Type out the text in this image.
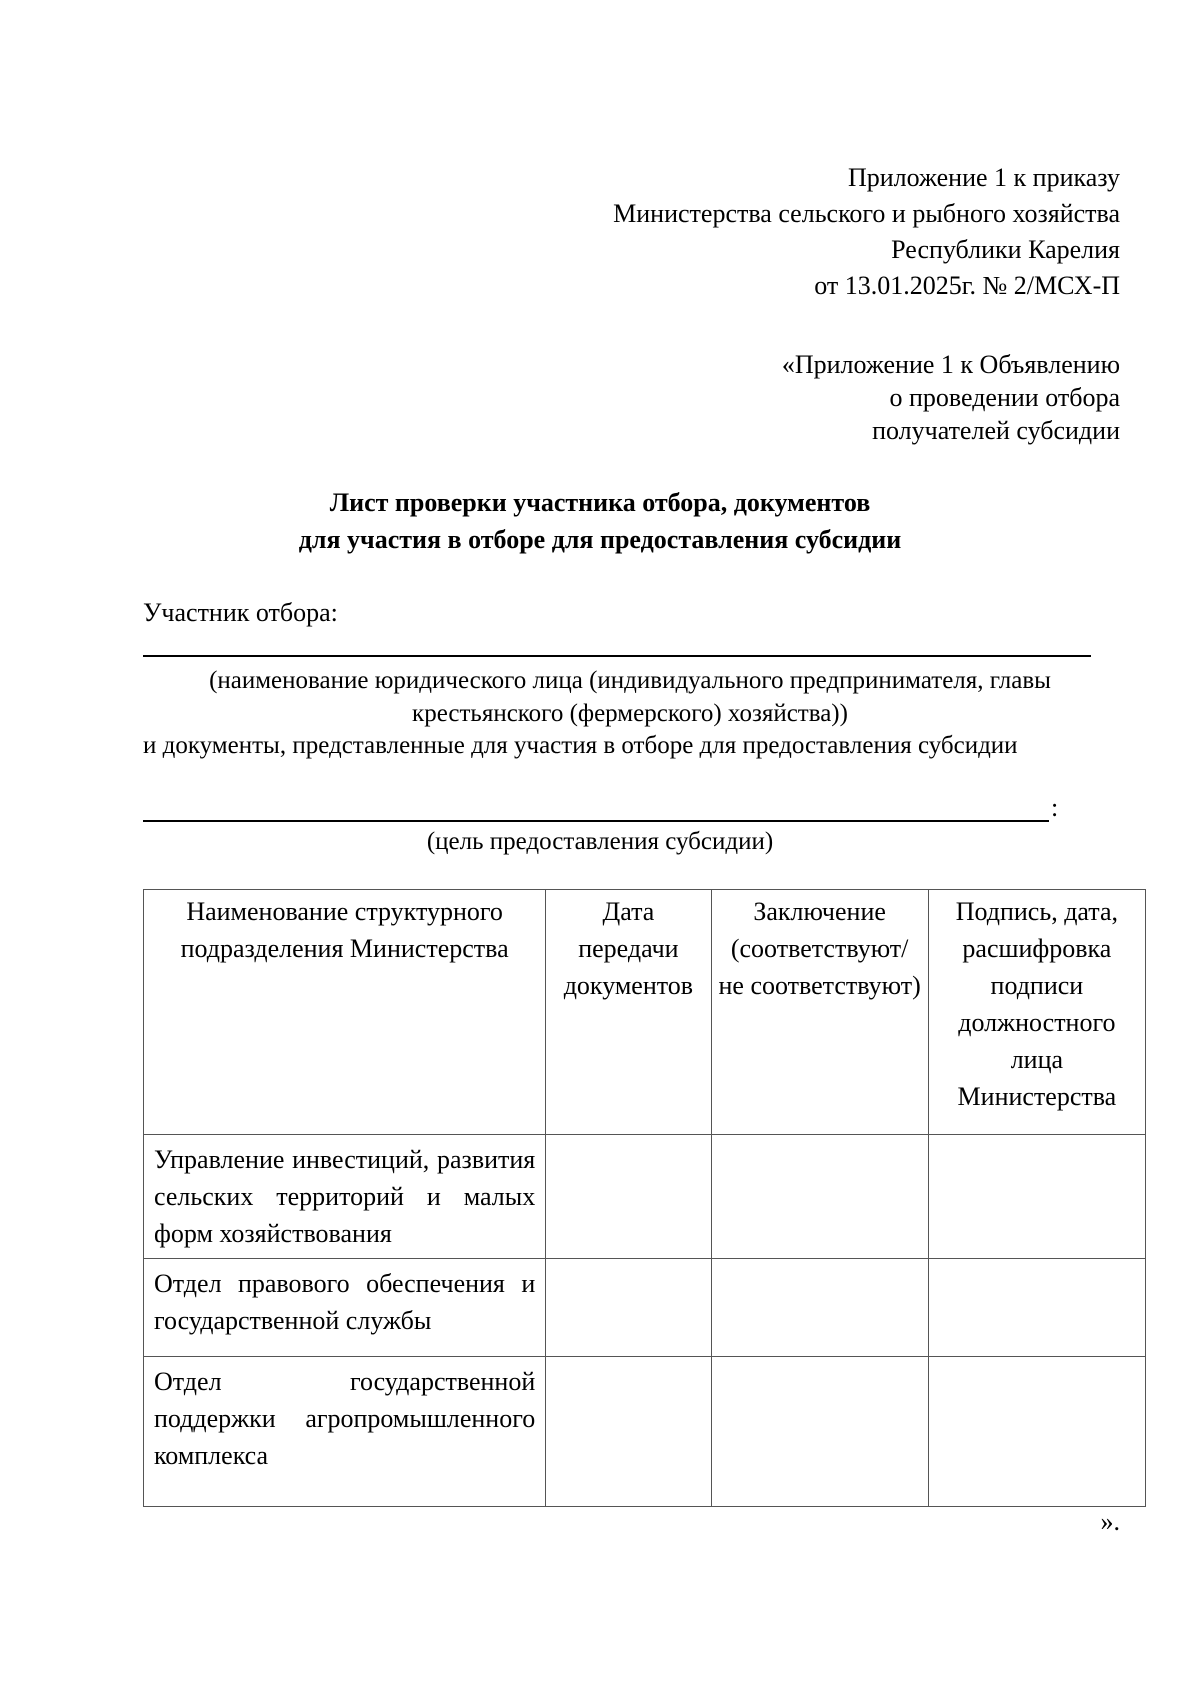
Приложение 1 к приказу
Министерства сельского и рыбного хозяйства
Республики Карелия
от 13.01.2025г. № 2/МСХ-П
«Приложение 1 к Объявлению
о проведении отбора
получателей субсидии
Лист проверки участника отбора, документов
для участия в отборе для предоставления субсидии
Участник отбора:
(наименование юридического лица (индивидуального предпринимателя, главы
крестьянского (фермерского) хозяйства))
и документы, представленные для участия в отборе для предоставления субсидии
:
(цель предоставления субсидии)
Наименование структурного подразделения Министерства	Дата передачи документов	Заключение (соответствуют/ не соответствуют)	Подпись, дата, расшифровка подписи должностного лица Министерства
Управление инвестиций, развития сельских территорий и малых форм хозяйствования			
Отдел правового обеспечения и государственной службы			
Отдел государственной поддержки агропромышленного комплекса			
».
